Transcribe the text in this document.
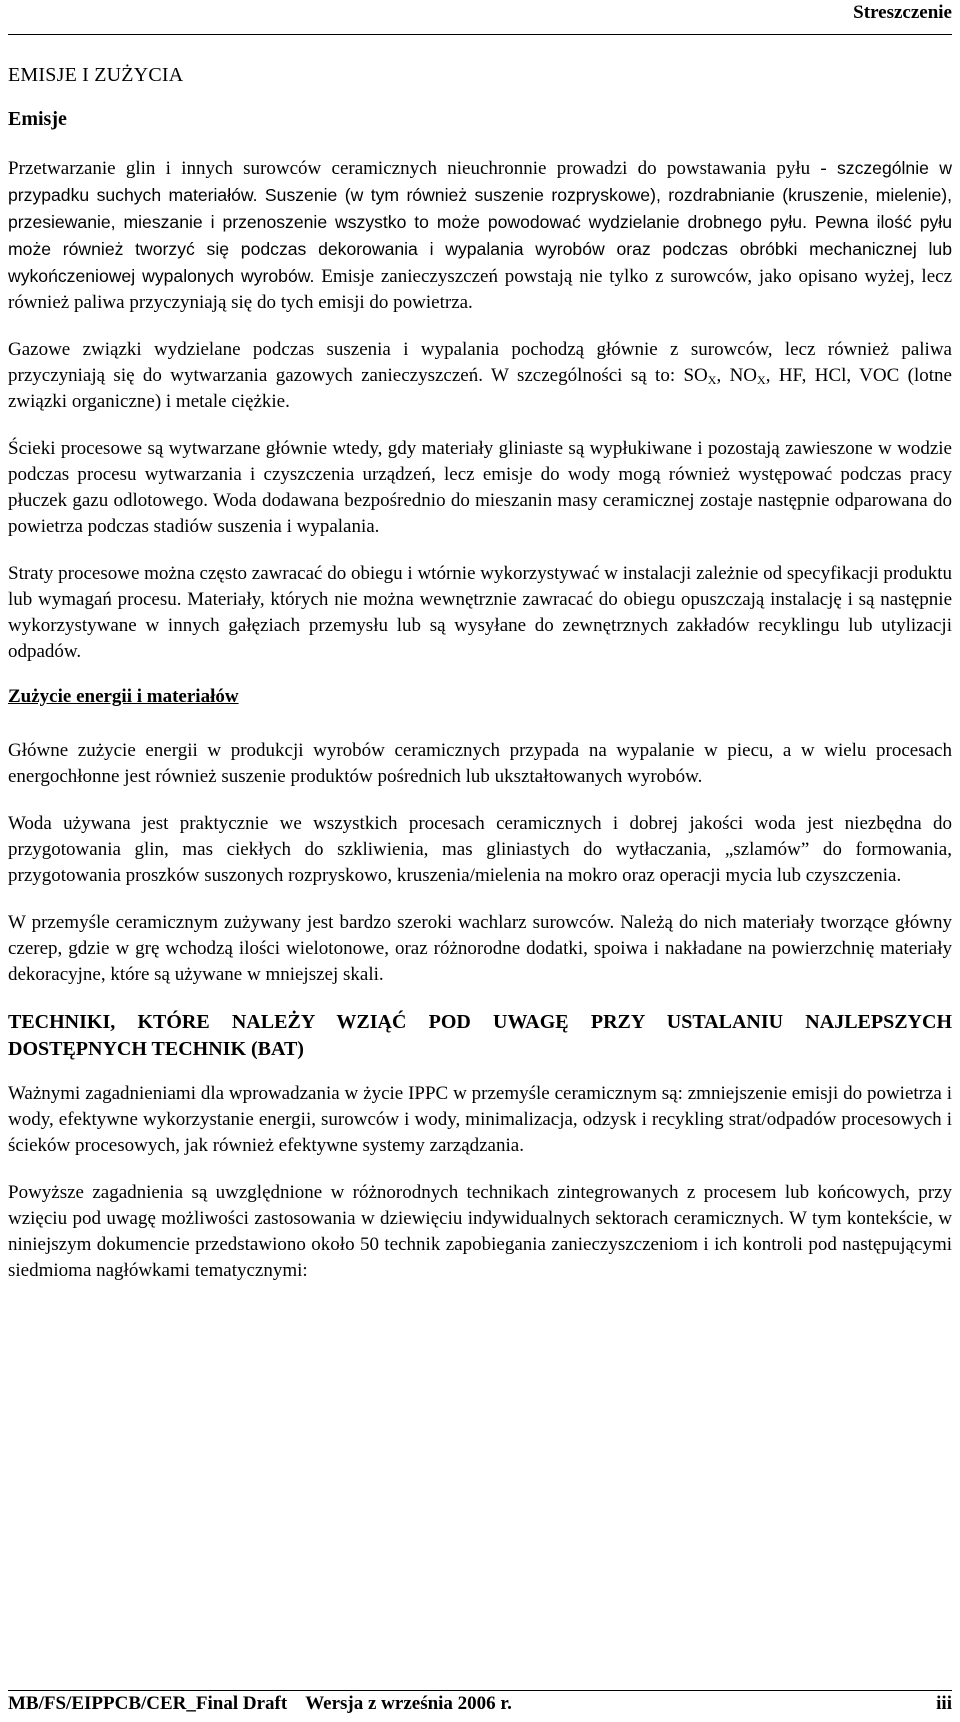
Streszczenie
EMISJE I ZUŻYCIA
Emisje

Przetwarzanie glin i innych surowców ceramicznych nieuchronnie prowadzi do powstawania pyłu - szczególnie w przypadku suchych materiałów. Suszenie (w tym również suszenie rozpryskowe), rozdrabnianie (kruszenie, mielenie), przesiewanie, mieszanie i przenoszenie wszystko to może powodować wydzielanie drobnego pyłu. Pewna ilość pyłu może również tworzyć się podczas dekorowania i wypalania wyrobów oraz podczas obróbki mechanicznej lub wykończeniowej wypalonych wyrobów. Emisje zanieczyszczeń powstają nie tylko z surowców, jako opisano wyżej, lecz również paliwa przyczyniają się do tych emisji do powietrza.

Gazowe związki wydzielane podczas suszenia i wypalania pochodzą głównie z surowców, lecz również paliwa przyczyniają się do wytwarzania gazowych zanieczyszczeń. W szczególności są to: $SO_X$, $NO_X$, HF, HCl, VOC (lotne związki organiczne) i metale ciężkie.

Ścieki procesowe są wytwarzane głównie wtedy, gdy materiały gliniaste są wypłukiwane i pozostają zawieszone w wodzie podczas procesu wytwarzania i czyszczenia urządzeń, lecz emisje do wody mogą również występować podczas pracy płuczek gazu odlotowego. Woda dodawana bezpośrednio do mieszanin masy ceramicznej zostaje następnie odparowana do powietrza podczas stadiów suszenia i wypalania.

Straty procesowe można często zawracać do obiegu i wtórnie wykorzystywać w instalacji zależnie od specyfikacji produktu lub wymagań procesu. Materiały, których nie można wewnętrznie zawracać do obiegu opuszczają instalację i są następnie wykorzystywane w innych gałęziach przemysłu lub są wysyłane do zewnętrznych zakładów recyklingu lub utylizacji odpadów.

Zużycie energii i materiałów

Główne zużycie energii w produkcji wyrobów ceramicznych przypada na wypalanie w piecu, a w wielu procesach energochłonne jest również suszenie produktów pośrednich lub ukształtowanych wyrobów.

Woda używana jest praktycznie we wszystkich procesach ceramicznych i dobrej jakości woda jest niezbędna do przygotowania glin, mas ciekłych do szkliwienia, mas gliniastych do wytłaczania, „szlamów” do formowania, przygotowania proszków suszonych rozpryskowo, kruszenia/mielenia na mokro oraz operacji mycia lub czyszczenia.

W przemyśle ceramicznym zużywany jest bardzo szeroki wachlarz surowców. Należą do nich materiały tworzące główny czerep, gdzie w grę wchodzą ilości wielotonowe, oraz różnorodne dodatki, spoiwa i nakładane na powierzchnię materiały dekoracyjne, które są używane w mniejszej skali.

TECHNIKI, KTÓRE NALEŻY WZIĄĆ POD UWAGĘ PRZY USTALANIU NAJLEPSZYCH DOSTĘPNYCH TECHNIK (BAT)

Ważnymi zagadnieniami dla wprowadzania w życie IPPC w przemyśle ceramicznym są: zmniejszenie emisji do powietrza i wody, efektywne wykorzystanie energii, surowców i wody, minimalizacja, odzysk i recykling strat/odpadów procesowych i ścieków procesowych, jak również efektywne systemy zarządzania.

Powyższe zagadnienia są uwzględnione w różnorodnych technikach zintegrowanych z procesem lub końcowych, przy wzięciu pod uwagę możliwości zastosowania w dziewięciu indywidualnych sektorach ceramicznych. W tym kontekście, w niniejszym dokumencie przedstawiono około 50 technik zapobiegania zanieczyszczeniom i ich kontroli pod następującymi siedmioma nagłówkami tematycznymi:

MB/FS/EIPPCB/CER_Final Draft Wersja z września 2006 r.	iii
